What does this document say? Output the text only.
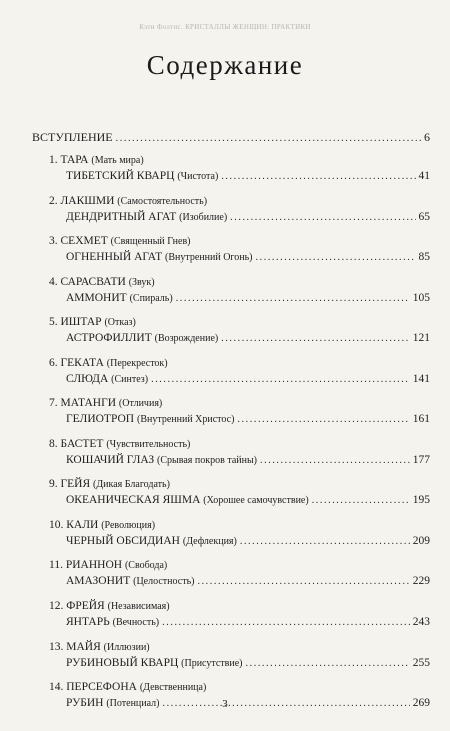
Кэти Фолтис. КРИСТАЛЛЫ ЖЕНЩИН: ПРАКТИКИ
Содержание
ВСТУПЛЕНИЕ .....	6
1. ТАРА (Мать мира)
ТИБЕТСКИЙ КВАРЦ (Чистота) .....	41
2. ЛАКШМИ (Самостоятельность)
ДЕНДРИТНЫЙ АГАТ (Изобилие) .....	65
3. СЕХМЕТ (Священный Гнев)
ОГНЕННЫЙ АГАТ (Внутренний Огонь) .....	85
4. САРАСВАТИ (Звук)
АММОНИТ (Спираль) .....	105
5. ИШТАР (Отказ)
АСТРОФИЛЛИТ (Возрождение) .....	121
6. ГЕКАТА (Перекресток)
СЛЮДА (Синтез) .....	141
7. МАТАНГИ (Отличия)
ГЕЛИОТРОП (Внутренний Христос) .....	161
8. БАСТЕТ (Чувствительность)
КОШАЧИЙ ГЛАЗ (Срывая покров тайны) .....	177
9. ГЕЙЯ (Дикая Благодать)
ОКЕАНИЧЕСКАЯ ЯШМА (Хорошее самочувствие) .....	195
10. КАЛИ (Революция)
ЧЕРНЫЙ ОБСИДИАН (Дефлекция) .....	209
11. РИАННОН (Свобода)
АМАЗОНИТ (Целостность) .....	229
12. ФРЕЙЯ (Независимая)
ЯНТАРЬ (Вечность) .....	243
13. МАЙЯ (Иллюзии)
РУБИНОВЫЙ КВАРЦ (Присутствие) .....	255
14. ПЕРСЕФОНА (Девственница)
РУБИН (Потенциал) .....	269
3
